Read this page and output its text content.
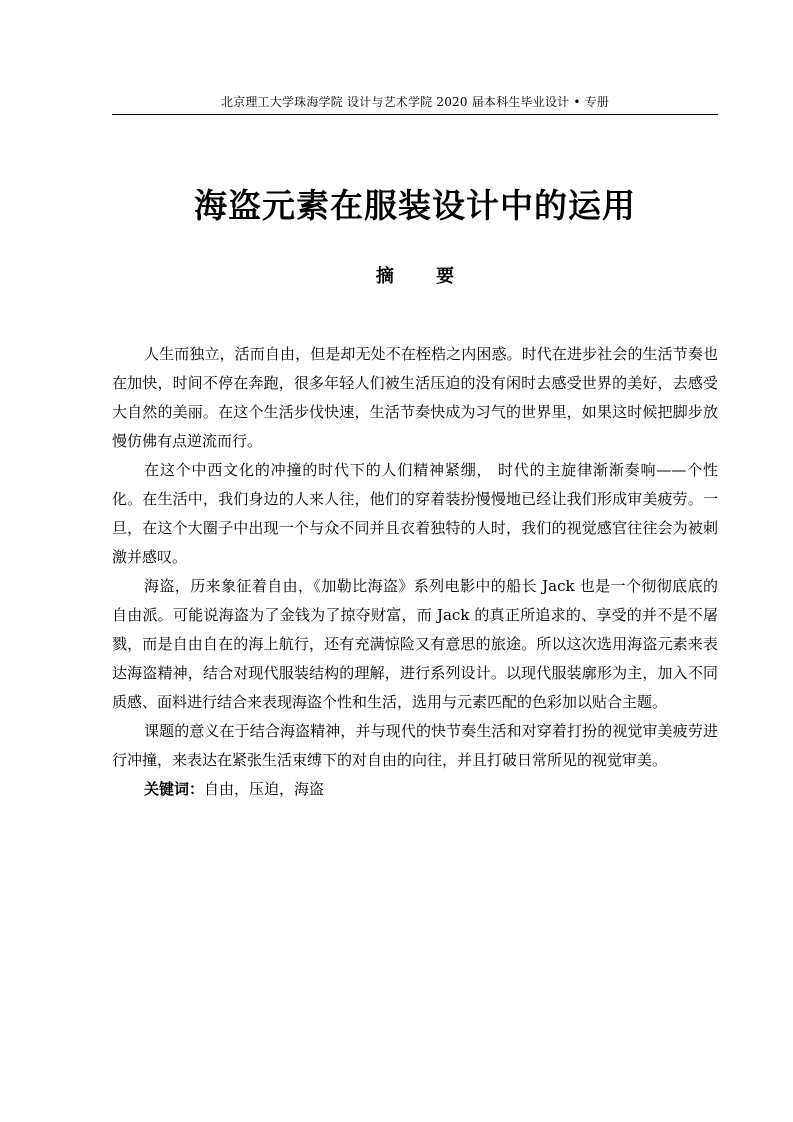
北京理工大学珠海学院 设计与艺术学院 2020 届本科生毕业设计 • 专册
海盗元素在服装设计中的运用
摘 要

人生而独立，活而自由，但是却无处不在桎梏之内困惑。时代在进步社会的生活节奏也在加快，时间不停在奔跑，很多年轻人们被生活压迫的没有闲时去感受世界的美好，去感受大自然的美丽。在这个生活步伐快速，生活节奏快成为习气的世界里，如果这时候把脚步放慢仿佛有点逆流而行。

在这个中西文化的冲撞的时代下的人们精神紧绷， 时代的主旋律渐渐奏响——个性化。在生活中，我们身边的人来人往，他们的穿着装扮慢慢地已经让我们形成审美疲劳。一旦，在这个大圈子中出现一个与众不同并且衣着独特的人时，我们的视觉感官往往会为被刺激并感叹。

海盗，历来象征着自由，《加勒比海盗》系列电影中的船长 Jack 也是一个彻彻底底的自由派。可能说海盗为了金钱为了掠夺财富，而 Jack 的真正所追求的、享受的并不是不屠戮，而是自由自在的海上航行，还有充满惊险又有意思的旅途。所以这次选用海盗元素来表达海盗精神，结合对现代服装结构的理解，进行系列设计。以现代服装廓形为主，加入不同质感、面料进行结合来表现海盗个性和生活，选用与元素匹配的色彩加以贴合主题。

课题的意义在于结合海盗精神，并与现代的快节奏生活和对穿着打扮的视觉审美疲劳进行冲撞，来表达在紧张生活束缚下的对自由的向往，并且打破日常所见的视觉审美。

关键词：自由，压迫，海盗
